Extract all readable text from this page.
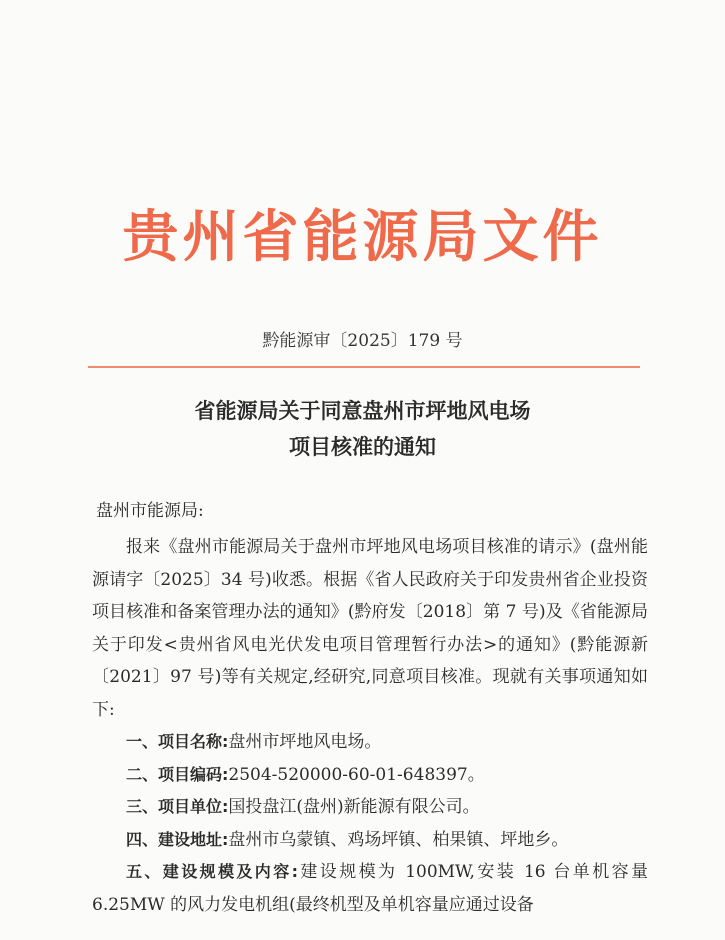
贵州省能源局文件
黔能源审〔2025〕179 号
省能源局关于同意盘州市坪地风电场
项目核准的通知
盘州市能源局:

报来《盘州市能源局关于盘州市坪地风电场项目核准的请示》(盘州能源请字〔2025〕34 号)收悉。根据《省人民政府关于印发贵州省企业投资项目核准和备案管理办法的通知》(黔府发〔2018〕第 7 号)及《省能源局关于印发<贵州省风电光伏发电项目管理暂行办法>的通知》(黔能源新〔2021〕97 号)等有关规定,经研究,同意项目核准。现就有关事项通知如下:

一、项目名称:盘州市坪地风电场。

二、项目编码:2504-520000-60-01-648397。

三、项目单位:国投盘江(盘州)新能源有限公司。

四、建设地址:盘州市乌蒙镇、鸡场坪镇、柏果镇、坪地乡。

五、建设规模及内容:建设规模为 100MW,安装 16 台单机容量 6.25MW 的风力发电机组(最终机型及单机容量应通过设备
